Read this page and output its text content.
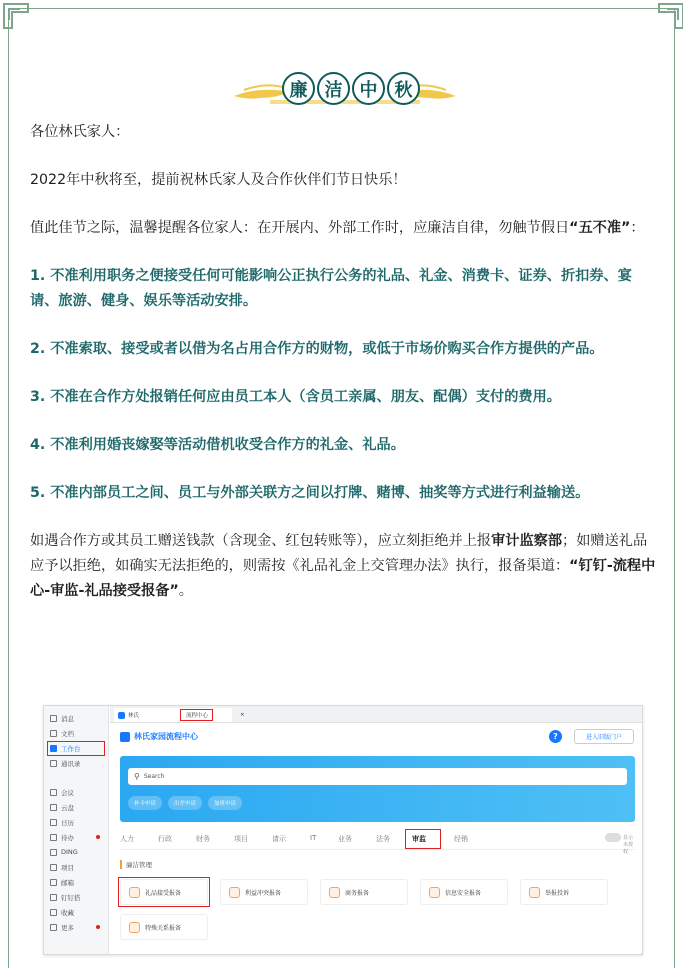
廉 洁 中 秋
各位林氏家人：
2022年中秋将至，提前祝林氏家人及合作伙伴们节日快乐！
值此佳节之际，温馨提醒各位家人：在开展内、外部工作时，应廉洁自律，勿触节假日“五不准”：
1. 不准利用职务之便接受任何可能影响公正执行公务的礼品、礼金、消费卡、证券、折扣券、宴请、旅游、健身、娱乐等活动安排。
2. 不准索取、接受或者以借为名占用合作方的财物，或低于市场价购买合作方提供的产品。
3. 不准在合作方处报销任何应由员工本人（含员工亲属、朋友、配偶）支付的费用。
4. 不准利用婚丧嫁娶等活动借机收受合作方的礼金、礼品。
5. 不准内部员工之间、员工与外部关联方之间以打牌、赌博、抽奖等方式进行利益输送。
如遇合作方或其员工赠送钱款（含现金、红包转账等），应立刻拒绝并上报审计监察部；如赠送礼品应予以拒绝，如确实无法拒绝的，则需按《礼品礼金上交管理办法》执行，报备渠道：“钉钉-流程中心-审监-礼品接受报备”。
消息
文档
工作台
通讯录
会议
云盘
日历
待办
DING
项目
邮箱
钉钉搭
收藏
更多
林氏	流程中心	×
林氏家园流程中心	?	进入旧版门户
⚲ Search
补卡申请	出差申请	加班申请
人力	行政	财务	项目	请示	IT	业务	法务	审监	经销	显示未授权
廉洁管理
礼品接受报备	利益冲突报备	商务报备	信息安全报备	举报投诉
特殊关系报备
